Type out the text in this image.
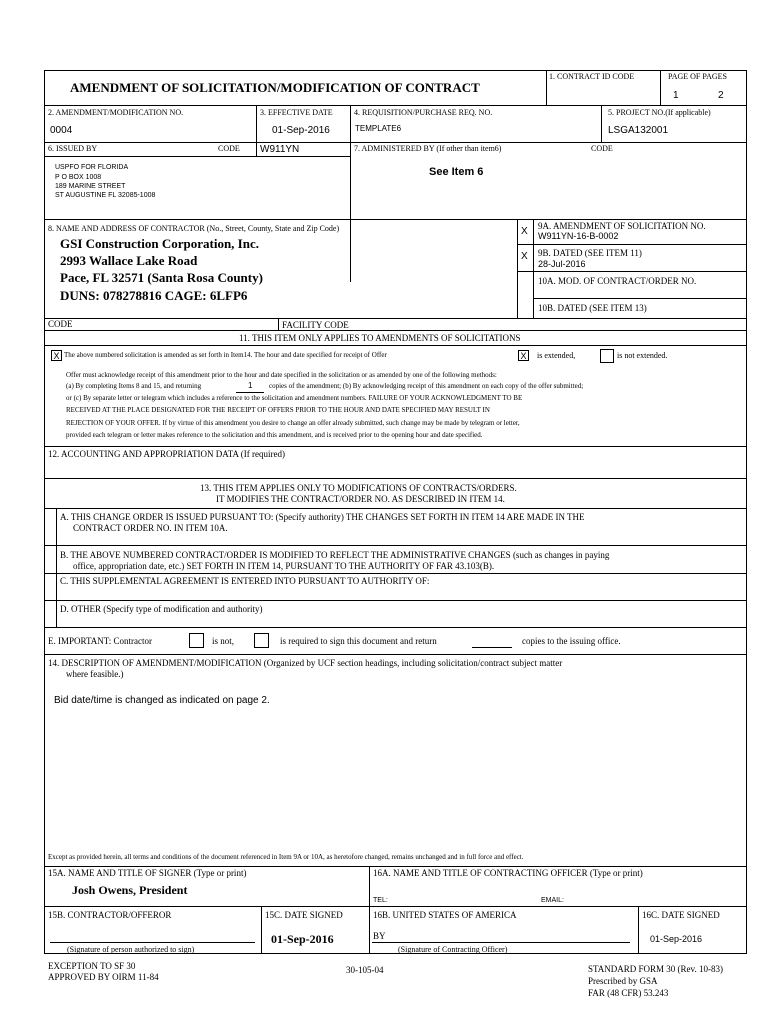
AMENDMENT OF SOLICITATION/MODIFICATION OF CONTRACT
1. CONTRACT ID CODE	PAGE OF PAGES
1	2
2. AMENDMENT/MODIFICATION NO.
0004
3. EFFECTIVE DATE
01-Sep-2016
4. REQUISITION/PURCHASE REQ. NO.
TEMPLATE6
5. PROJECT NO.(If applicable)
LSGA132001
6. ISSUED BY	CODE W911YN
USPFO FOR FLORIDA
P O BOX 1008
189 MARINE STREET
ST AUGUSTINE FL 32085-1008
7. ADMINISTERED BY (If other than item6)	CODE
See Item 6
8. NAME AND ADDRESS OF CONTRACTOR (No., Street, County, State and Zip Code)
GSI Construction Corporation, Inc.
2993 Wallace Lake Road
Pace, FL 32571 (Santa Rosa County)
DUNS: 078278816 CAGE: 6LFP6
X 9A. AMENDMENT OF SOLICITATION NO.
W911YN-16-B-0002
X 9B. DATED (SEE ITEM 11)
28-Jul-2016
10A. MOD. OF CONTRACT/ORDER NO.
10B. DATED (SEE ITEM 13)
CODE	FACILITY CODE
11. THIS ITEM ONLY APPLIES TO AMENDMENTS OF SOLICITATIONS
X The above numbered solicitation is amended as set forth in Item14. The hour and date specified for receipt of Offer	X	is extended,	is not extended.
Offer must acknowledge receipt of this amendment prior to the hour and date specified in the solicitation or as amended by one of the following methods:
(a) By completing Items 8 and 15, and returning	1 copies of the amendment; (b) By acknowledging receipt of this amendment on each copy of the offer submitted;
or (c) By separate letter or telegram which includes a reference to the solicitation and amendment numbers. FAILURE OF YOUR ACKNOWLEDGMENT TO BE
RECEIVED AT THE PLACE DESIGNATED FOR THE RECEIPT OF OFFERS PRIOR TO THE HOUR AND DATE SPECIFIED MAY RESULT IN
REJECTION OF YOUR OFFER. If by virtue of this amendment you desire to change an offer already submitted, such change may be made by telegram or letter,
provided each telegram or letter makes reference to the solicitation and this amendment, and is received prior to the opening hour and date specified.
12. ACCOUNTING AND APPROPRIATION DATA (If required)
13. THIS ITEM APPLIES ONLY TO MODIFICATIONS OF CONTRACTS/ORDERS.
IT MODIFIES THE CONTRACT/ORDER NO. AS DESCRIBED IN ITEM 14.
A. THIS CHANGE ORDER IS ISSUED PURSUANT TO: (Specify authority) THE CHANGES SET FORTH IN ITEM 14 ARE MADE IN THE
CONTRACT ORDER NO. IN ITEM 10A.
B. THE ABOVE NUMBERED CONTRACT/ORDER IS MODIFIED TO REFLECT THE ADMINISTRATIVE CHANGES (such as changes in paying
office, appropriation date, etc.) SET FORTH IN ITEM 14, PURSUANT TO THE AUTHORITY OF FAR 43.103(B).
C. THIS SUPPLEMENTAL AGREEMENT IS ENTERED INTO PURSUANT TO AUTHORITY OF:
D. OTHER (Specify type of modification and authority)
E. IMPORTANT: Contractor	is not,	is required to sign this document and return	copies to the issuing office.
14. DESCRIPTION OF AMENDMENT/MODIFICATION (Organized by UCF section headings, including solicitation/contract subject matter
where feasible.)
Bid date/time is changed as indicated on page 2.
Except as provided herein, all terms and conditions of the document referenced in Item 9A or 10A, as heretofore changed, remains unchanged and in full force and effect.
15A. NAME AND TITLE OF SIGNER (Type or print)
Josh Owens, President
16A. NAME AND TITLE OF CONTRACTING OFFICER (Type or print)
TEL:	EMAIL:
15B. CONTRACTOR/OFFEROR
(Signature of person authorized to sign)
15C. DATE SIGNED
01-Sep-2016
16B. UNITED STATES OF AMERICA
BY
(Signature of Contracting Officer)
16C. DATE SIGNED
01-Sep-2016
EXCEPTION TO SF 30
APPROVED BY OIRM 11-84
30-105-04	STANDARD FORM 30 (Rev. 10-83)
Prescribed by GSA
FAR (48 CFR) 53.243
